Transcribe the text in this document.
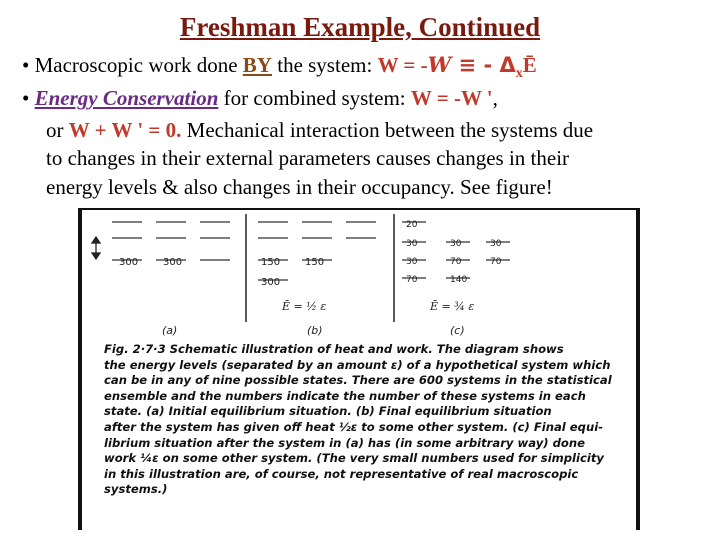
Freshman Example, Continued
• Macroscopic work done BY the system: W = -W ≡ - $\Delta_xĒ$
• Energy Conservation for combined system: W = -W ',
or W + W ' = 0. Mechanical interaction between the systems due
to changes in their external parameters causes changes in their
energy levels & also changes in their occupancy. See figure!
300 300
(a)
150 150
300
Ē = ½ ε
(b)
20
30	30	30
30	70	70
70	140
Ē = ¾ ε
(c)
Fig. 2·7·3 Schematic illustration of heat and work. The diagram shows
the energy levels (separated by an amount ε) of a hypothetical system which
can be in any of nine possible states. There are 600 systems in the statistical
ensemble and the numbers indicate the number of these systems in each
state. (a) Initial equilibrium situation. (b) Final equilibrium situation
after the system has given off heat ½ε to some other system. (c) Final equi-
librium situation after the system in (a) has (in some arbitrary way) done
work ¼ε on some other system. (The very small numbers used for simplicity
in this illustration are, of course, not representative of real macroscopic
systems.)
